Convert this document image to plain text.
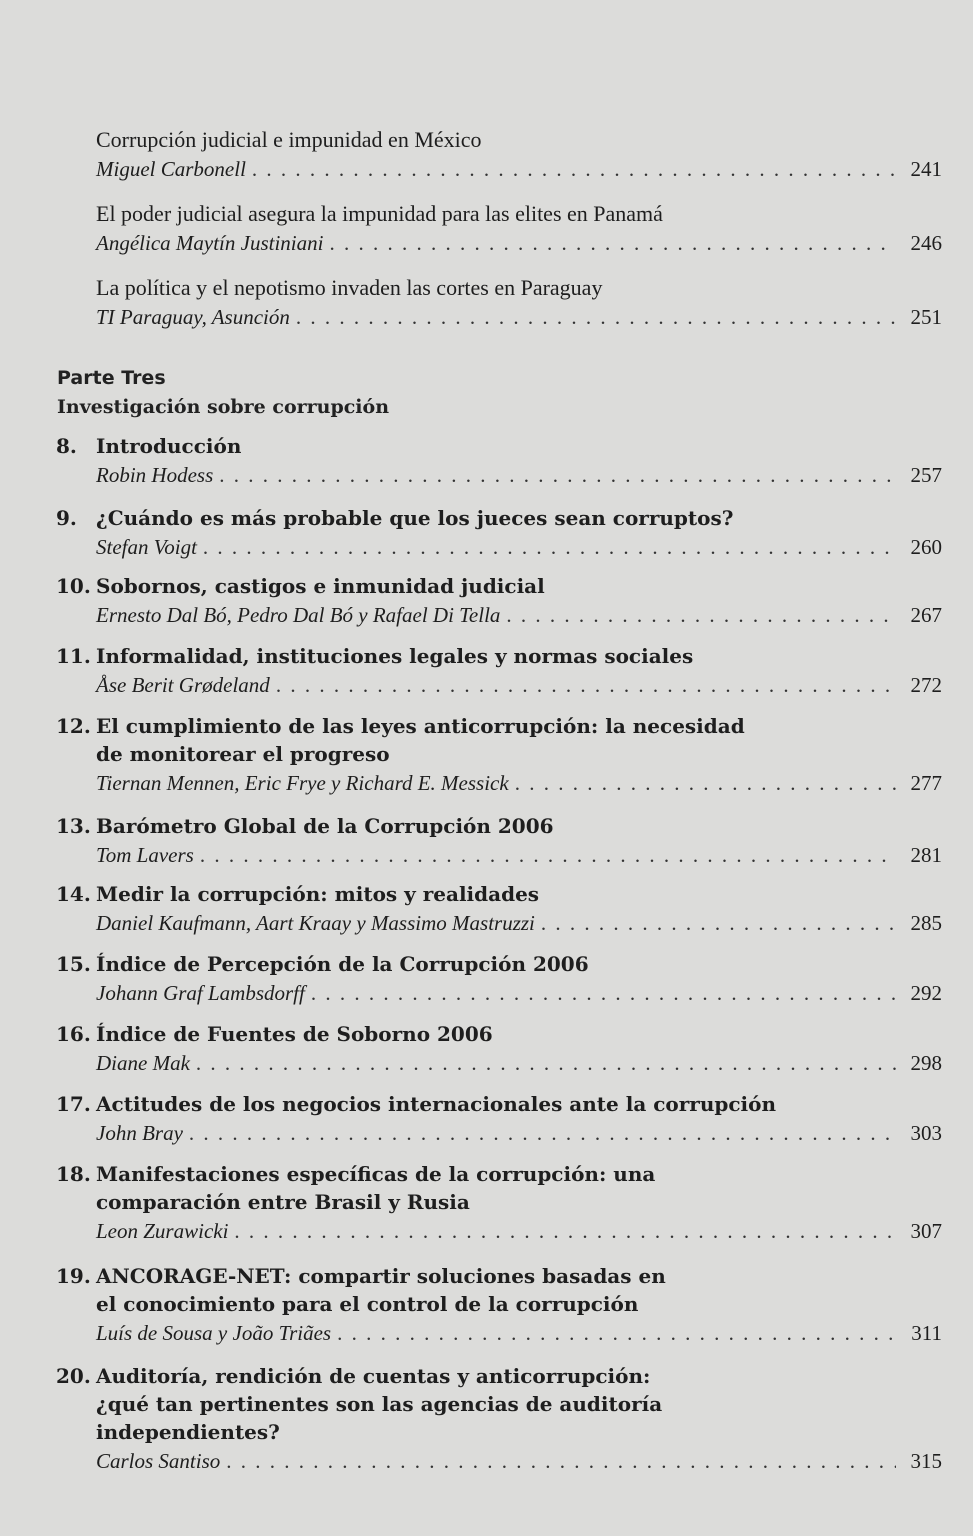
Corrupción judicial e impunidad en México
Miguel Carbonell . . .	241
El poder judicial asegura la impunidad para las elites en Panamá
Angélica Maytín Justiniani . . .	246
La política y el nepotismo invaden las cortes en Paraguay
TI Paraguay, Asunción . . .	251
Parte Tres
Investigación sobre corrupción
8. Introducción
Robin Hodess . . .	257
9. ¿Cuándo es más probable que los jueces sean corruptos?
Stefan Voigt . . .	260
10. Sobornos, castigos e inmunidad judicial
Ernesto Dal Bó, Pedro Dal Bó y Rafael Di Tella . . .	267
11. Informalidad, instituciones legales y normas sociales
Åse Berit Grødeland . . .	272
12. El cumplimiento de las leyes anticorrupción: la necesidad
de monitorear el progreso
Tiernan Mennen, Eric Frye y Richard E. Messick . . .	277
13. Barómetro Global de la Corrupción 2006
Tom Lavers . . .	281
14. Medir la corrupción: mitos y realidades
Daniel Kaufmann, Aart Kraay y Massimo Mastruzzi . . .	285
15. Índice de Percepción de la Corrupción 2006
Johann Graf Lambsdorff . . .	292
16. Índice de Fuentes de Soborno 2006
Diane Mak . . .	298
17. Actitudes de los negocios internacionales ante la corrupción
John Bray . . .	303
18. Manifestaciones específicas de la corrupción: una
comparación entre Brasil y Rusia
Leon Zurawicki . . .	307
19. ANCORAGE-NET: compartir soluciones basadas en
el conocimiento para el control de la corrupción
Luís de Sousa y João Triães . . .	311
20. Auditoría, rendición de cuentas y anticorrupción:
¿qué tan pertinentes son las agencias de auditoría
independientes?
Carlos Santiso . . .	315
